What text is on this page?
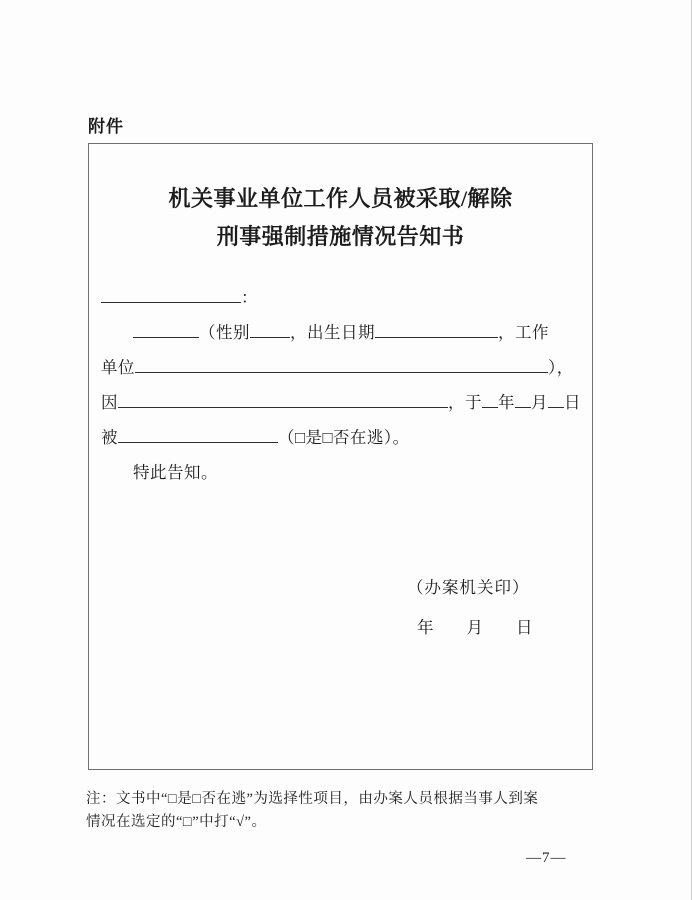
附件
机关事业单位工作人员被采取/解除
刑事强制措施情况告知书
：
（性别 ，出生日期	，工作
单位	），
因	，于 年 月 日
被	（□是□否在逃）。
特此告知。
（办案机关印）
年　　月　　日
注：文书中“□是□否在逃”为选择性项目，由办案人员根据当事人到案
情况在选定的“□”中打“√”。
—7—
